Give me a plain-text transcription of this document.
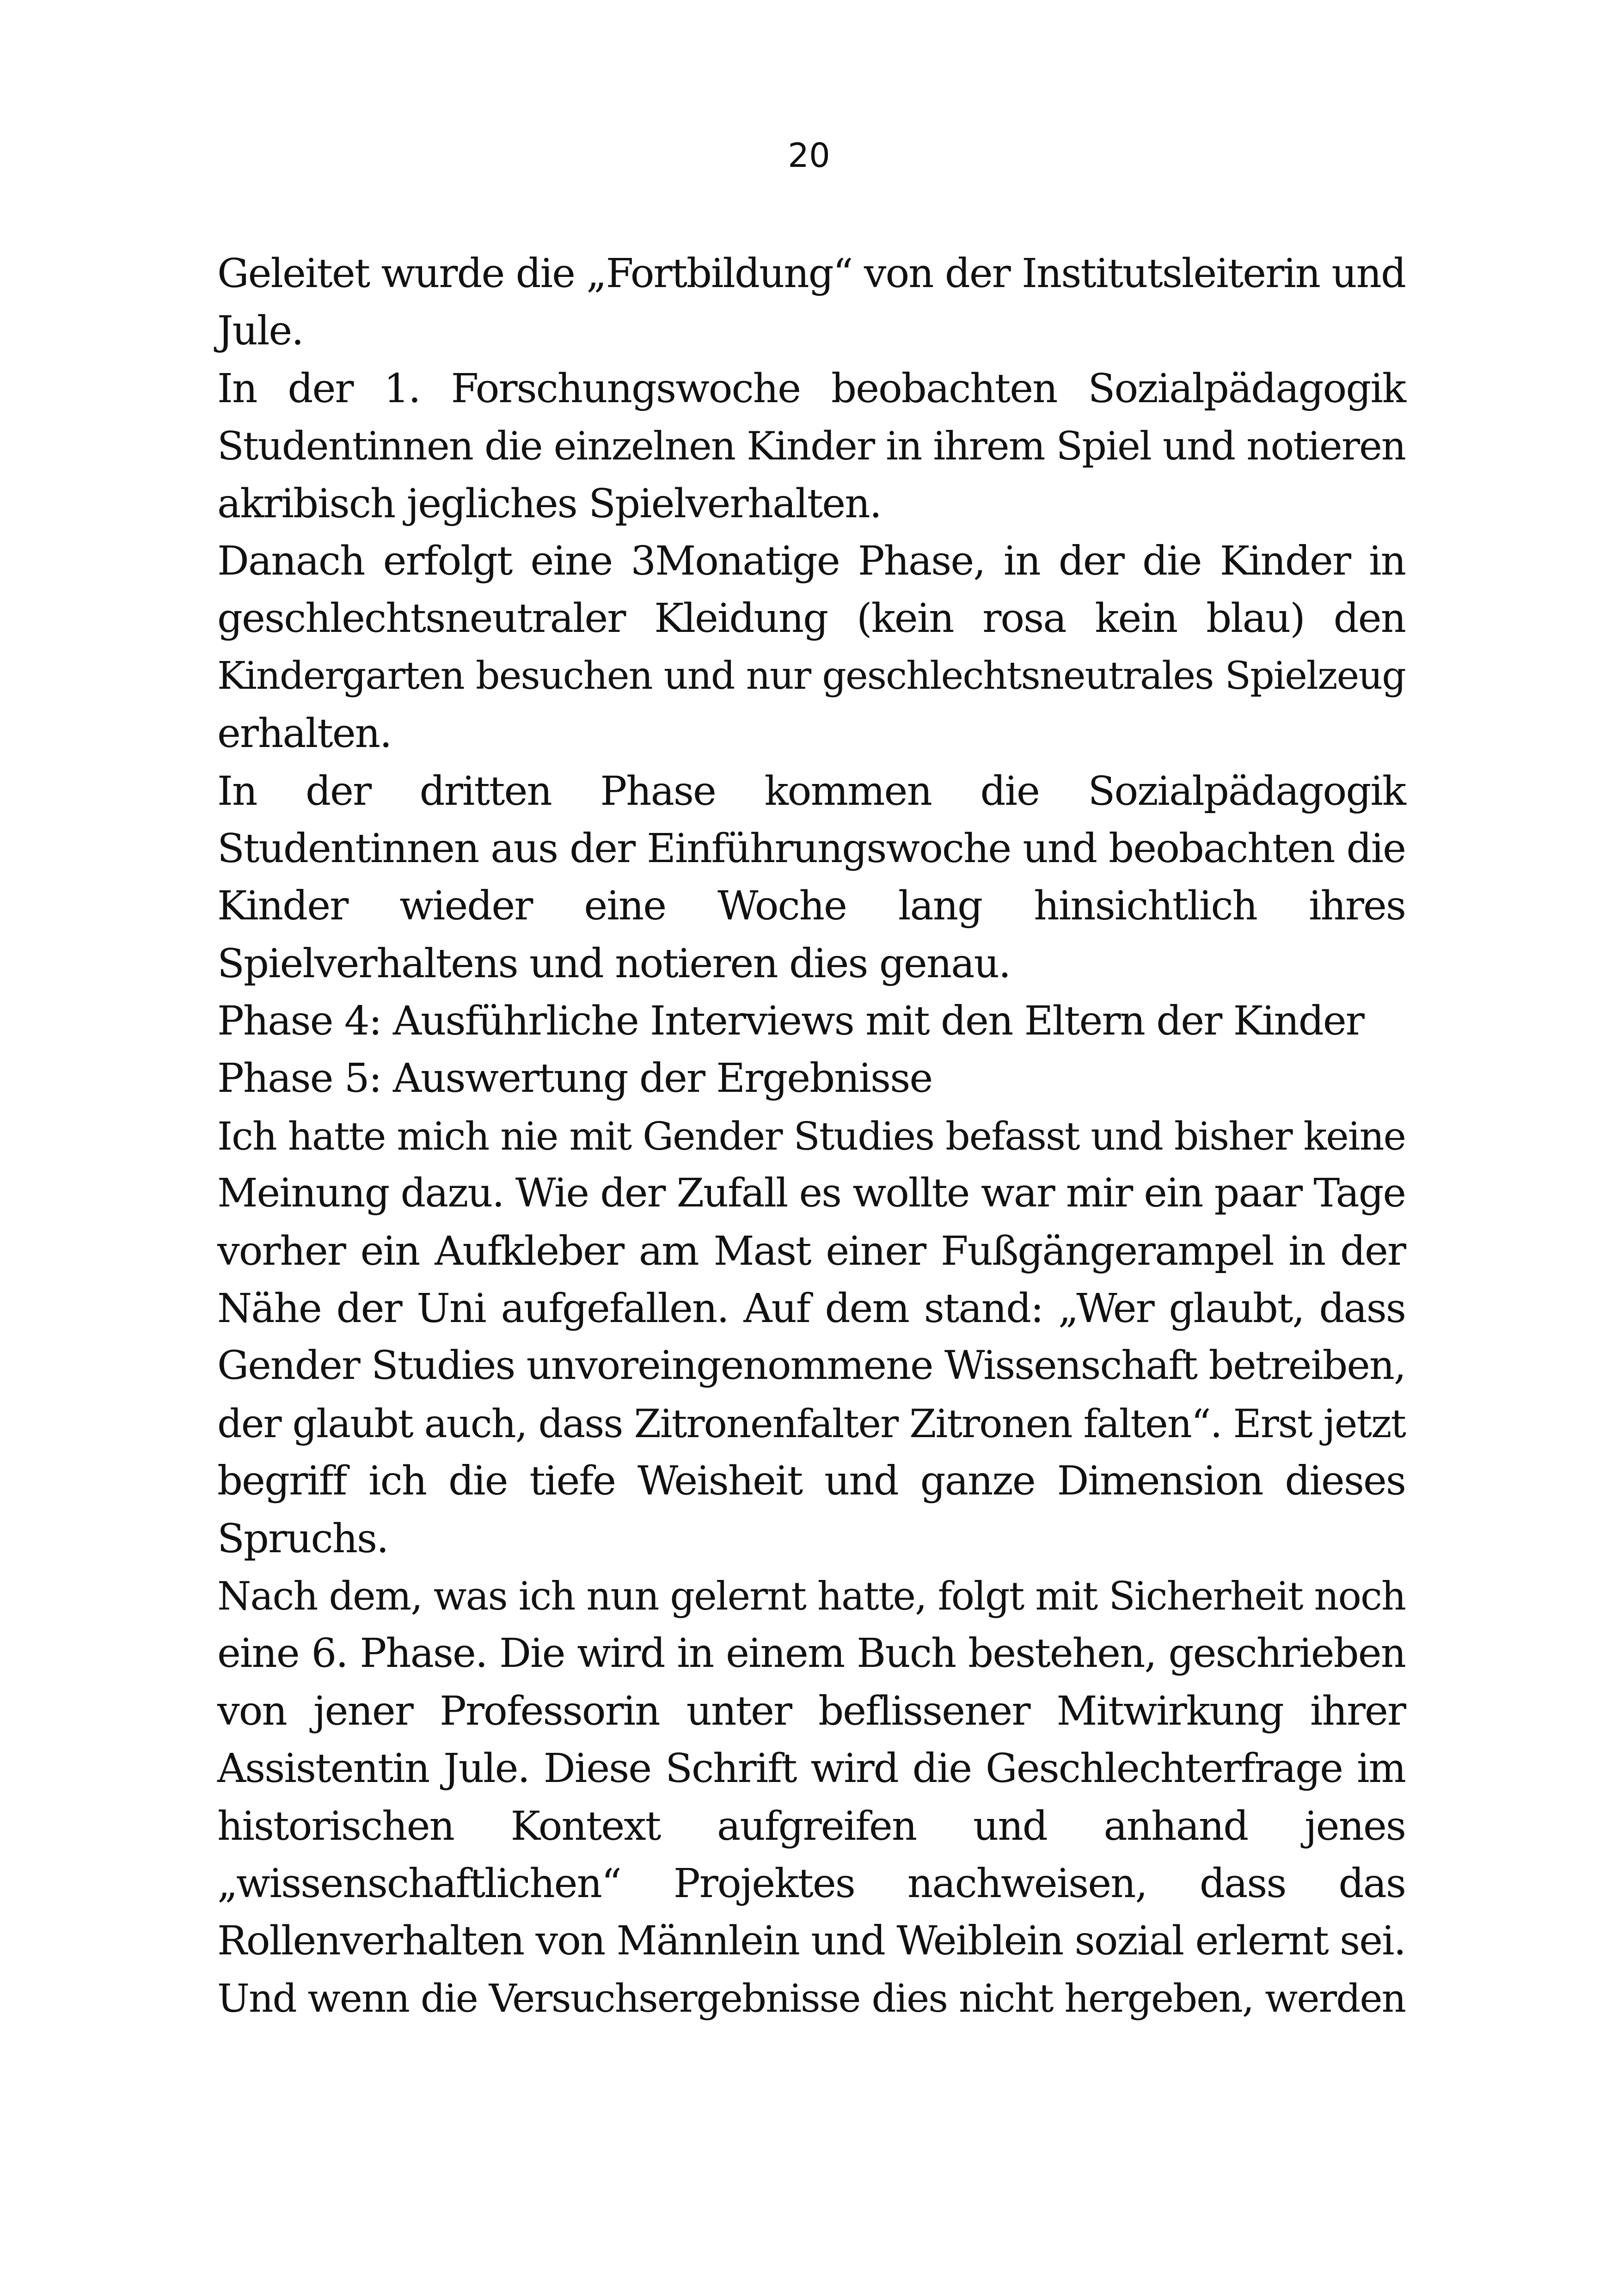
20

Geleitet wurde die „Fortbildung“ von der Institutsleiterin und
Jule.

In der 1. Forschungswoche beobachten Sozialpädagogik
Studentinnen die einzelnen Kinder in ihrem Spiel und notieren
akribisch jegliches Spielverhalten.

Danach erfolgt eine 3Monatige Phase, in der die Kinder in
geschlechtsneutraler Kleidung (kein rosa kein blau) den
Kindergarten besuchen und nur geschlechtsneutrales Spielzeug
erhalten.

In der dritten Phase kommen die Sozialpädagogik
Studentinnen aus der Einführungswoche und beobachten die
Kinder wieder eine Woche lang hinsichtlich ihres
Spielverhaltens und notieren dies genau.

Phase 4: Ausführliche Interviews mit den Eltern der Kinder

Phase 5: Auswertung der Ergebnisse

Ich hatte mich nie mit Gender Studies befasst und bisher keine
Meinung dazu. Wie der Zufall es wollte war mir ein paar Tage
vorher ein Aufkleber am Mast einer Fußgängerampel in der
Nähe der Uni aufgefallen. Auf dem stand: „Wer glaubt, dass
Gender Studies unvoreingenommene Wissenschaft betreiben,
der glaubt auch, dass Zitronenfalter Zitronen falten“. Erst jetzt
begriff ich die tiefe Weisheit und ganze Dimension dieses
Spruchs.

Nach dem, was ich nun gelernt hatte, folgt mit Sicherheit noch
eine 6. Phase. Die wird in einem Buch bestehen, geschrieben
von jener Professorin unter beflissener Mitwirkung ihrer
Assistentin Jule. Diese Schrift wird die Geschlechterfrage im
historischen Kontext aufgreifen und anhand jenes
„wissenschaftlichen“ Projektes nachweisen, dass das
Rollenverhalten von Männlein und Weiblein sozial erlernt sei.
Und wenn die Versuchsergebnisse dies nicht hergeben, werden
